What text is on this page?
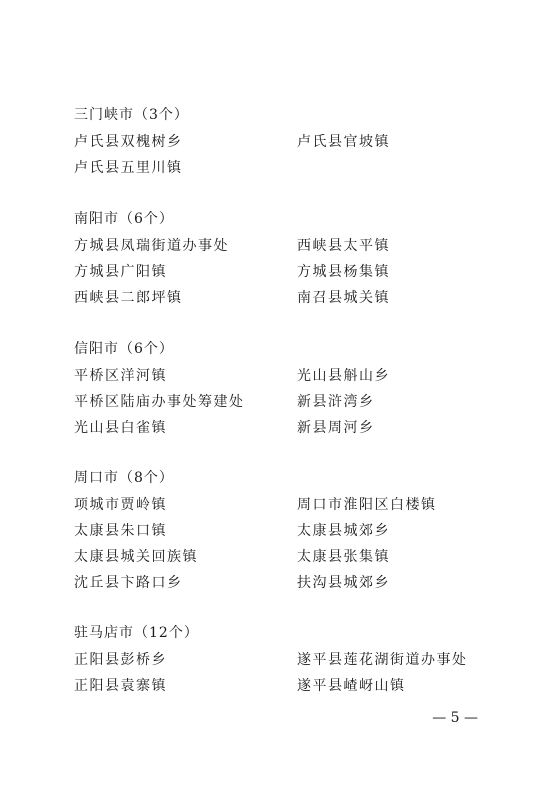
三门峡市（3个）
卢氏县双槐树乡	卢氏县官坡镇
卢氏县五里川镇
南阳市（6个）
方城县凤瑞街道办事处	西峡县太平镇
方城县广阳镇	方城县杨集镇
西峡县二郎坪镇	南召县城关镇
信阳市（6个）
平桥区洋河镇	光山县斛山乡
平桥区陆庙办事处筹建处	新县浒湾乡
光山县白雀镇	新县周河乡
周口市（8个）
项城市贾岭镇	周口市淮阳区白楼镇
太康县朱口镇	太康县城郊乡
太康县城关回族镇	太康县张集镇
沈丘县卞路口乡	扶沟县城郊乡
驻马店市（12个）
正阳县彭桥乡	遂平县莲花湖街道办事处
正阳县袁寨镇	遂平县嵖岈山镇
— 5 —
